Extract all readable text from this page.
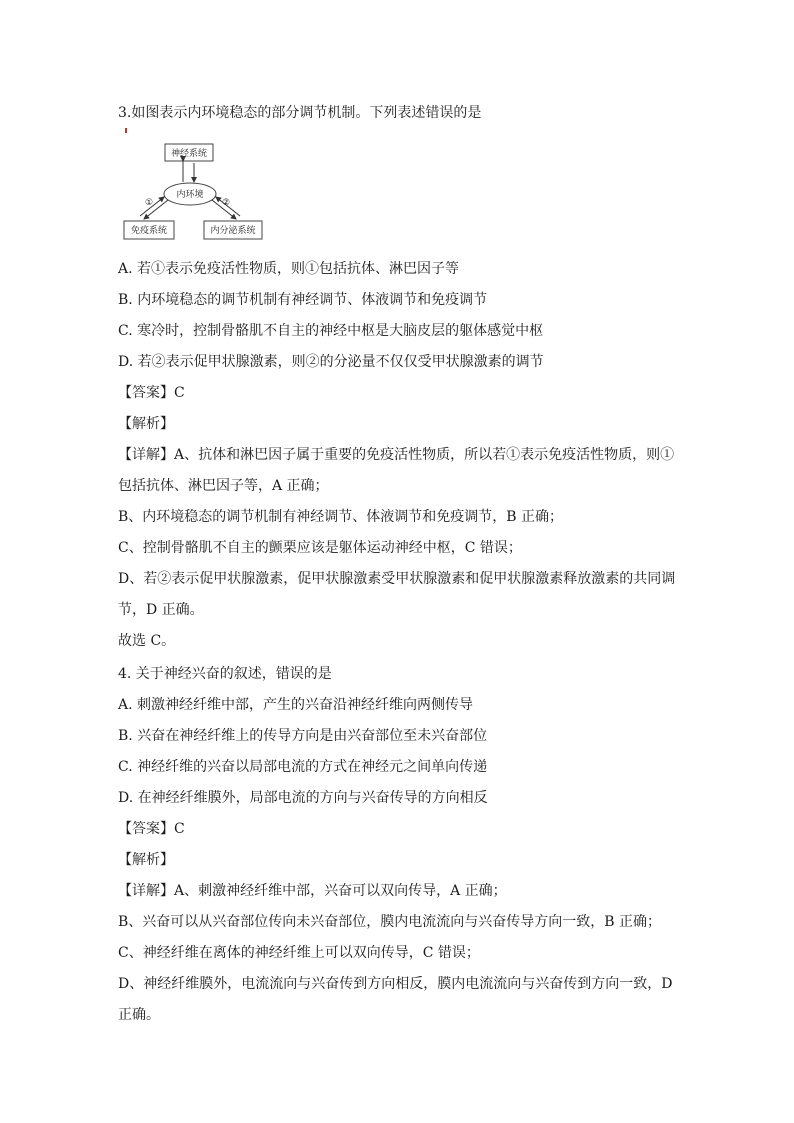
3.如图表示内环境稳态的部分调节机制。下列表述错误的是
神经系统
内环境
①	②
免疫系统	内分泌系统
A. 若①表示免疫活性物质，则①包括抗体、淋巴因子等
B. 内环境稳态的调节机制有神经调节、体液调节和免疫调节
C. 寒冷时，控制骨骼肌不自主的神经中枢是大脑皮层的躯体感觉中枢
D. 若②表示促甲状腺激素，则②的分泌量不仅仅受甲状腺激素的调节
【答案】C
【解析】
【详解】A、抗体和淋巴因子属于重要的免疫活性物质，所以若①表示免疫活性物质，则①
包括抗体、淋巴因子等，A 正确；
B、内环境稳态的调节机制有神经调节、体液调节和免疫调节，B 正确；
C、控制骨骼肌不自主的颤栗应该是躯体运动神经中枢，C 错误；
D、若②表示促甲状腺激素，促甲状腺激素受甲状腺激素和促甲状腺激素释放激素的共同调
节，D 正确。
故选 C。
4. 关于神经兴奋的叙述，错误的是
A. 刺激神经纤维中部，产生的兴奋沿神经纤维向两侧传导
B. 兴奋在神经纤维上的传导方向是由兴奋部位至未兴奋部位
C. 神经纤维的兴奋以局部电流的方式在神经元之间单向传递
D. 在神经纤维膜外，局部电流的方向与兴奋传导的方向相反
【答案】C
【解析】
【详解】A、刺激神经纤维中部，兴奋可以双向传导，A 正确；
B、兴奋可以从兴奋部位传向未兴奋部位，膜内电流流向与兴奋传导方向一致，B 正确；
C、神经纤维在离体的神经纤维上可以双向传导，C 错误；
D、神经纤维膜外，电流流向与兴奋传到方向相反，膜内电流流向与兴奋传到方向一致，D
正确。
